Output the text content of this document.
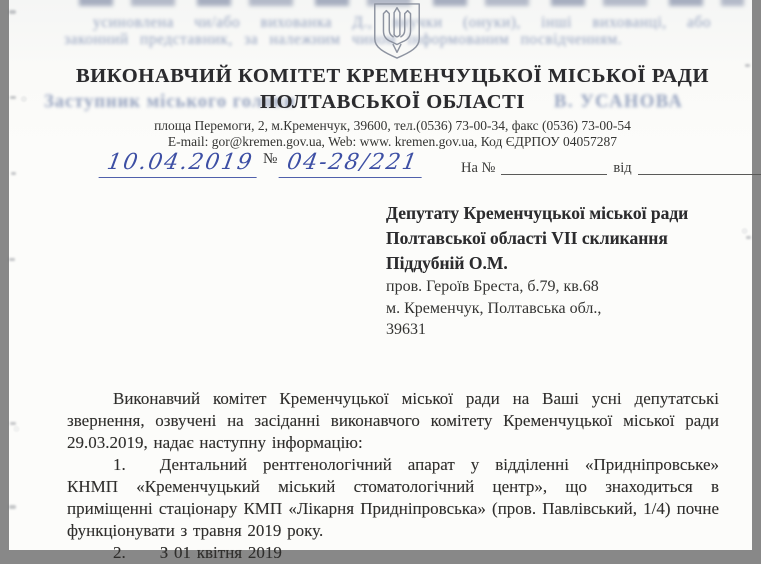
усиновлена чи/або вихованка Д., внучки (онуки), інші вихованці, або
законний представник, за належним чином інформованим посвідченням.
Заступник міського голови	В. УСАНОВА
ВИКОНАВЧИЙ КОМІТЕТ КРЕМЕНЧУЦЬКОЇ МІСЬКОЇ РАДИ
ПОЛТАВСЬКОЇ ОБЛАСТІ
площа Перемоги, 2, м.Кременчук, 39600, тел.(0536) 73-00-34, факс (0536) 73-00-54
E-mail: gor@kremen.gov.ua, Web: www. kremen.gov.ua, Код ЄДРПОУ 04057287
10.04.2019 № 04-28/221	На №	від
Депутату Кременчуцької міської ради
Полтавської області VII скликання
Піддубній О.М.
пров. Героїв Бреста, б.79, кв.68
м. Кременчук, Полтавська обл.,
39631

Виконавчий комітет Кременчуцької міської ради на Ваші усні депутатські звернення, озвучені на засіданні виконавчого комітету Кременчуцької міської ради 29.03.2019, надає наступну інформацію:

1. Дентальний рентгенологічний апарат у відділенні «Придніпровське» КНМП «Кременчуцький міський стоматологічний центр», що знаходиться в приміщенні стаціонару КМП «Лікарня Придніпровська» (пров. Павлівський, 1/4) почне функціонувати з травня 2019 року.

2. З 01 квітня 2019
